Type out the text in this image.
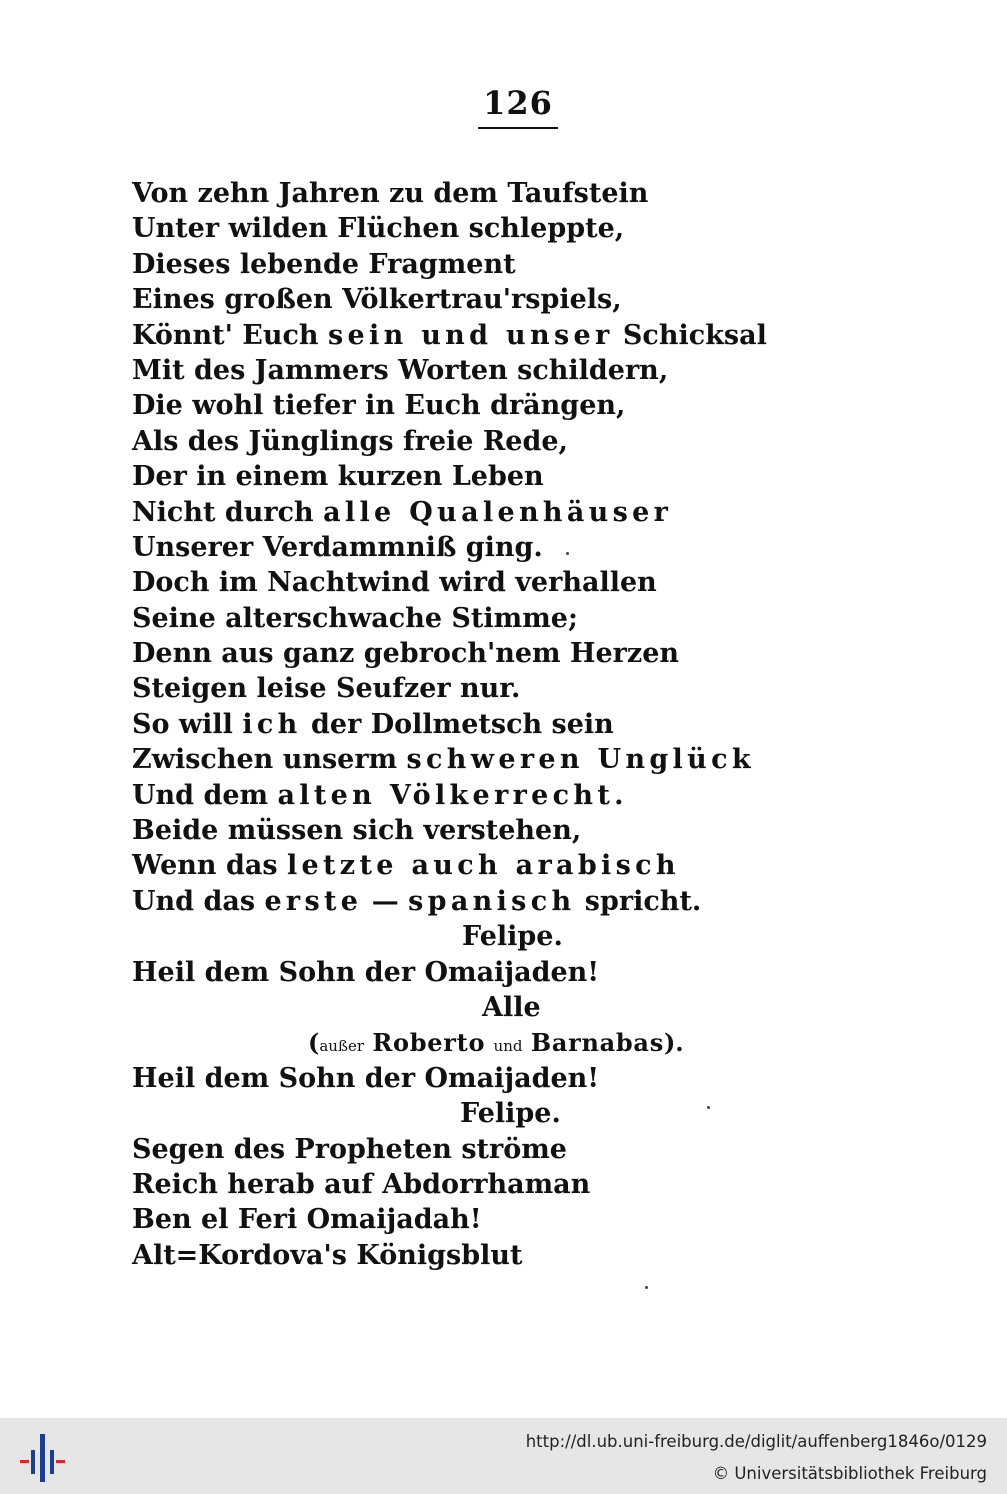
126
Von zehn Jahren zu dem Taufstein
Unter wilden Flüchen schleppte,
Dieses lebende Fragment
Eines großen Völkertrau'rspiels,
Könnt' Euch sein und unser Schicksal
Mit des Jammers Worten schildern,
Die wohl tiefer in Euch drängen,
Als des Jünglings freie Rede,
Der in einem kurzen Leben
Nicht durch alle Qualenhäuser
Unserer Verdammniß ging.
Doch im Nachtwind wird verhallen
Seine alterschwache Stimme;
Denn aus ganz gebroch'nem Herzen
Steigen leise Seufzer nur.
So will ich der Dollmetsch sein
Zwischen unserm schweren Unglück
Und dem alten Völkerrecht.
Beide müssen sich verstehen,
Wenn das letzte auch arabisch
Und das erste — spanisch spricht.
Felipe.
Heil dem Sohn der Omaijaden!
Alle
(außer Roberto und Barnabas).
Heil dem Sohn der Omaijaden!
Felipe.
Segen des Propheten ströme
Reich herab auf Abdorrhaman
Ben el Feri Omaijadah!
Alt=Kordova's Königsblut
http://dl.ub.uni-freiburg.de/diglit/auffenberg1846o/0129
© Universitätsbibliothek Freiburg
